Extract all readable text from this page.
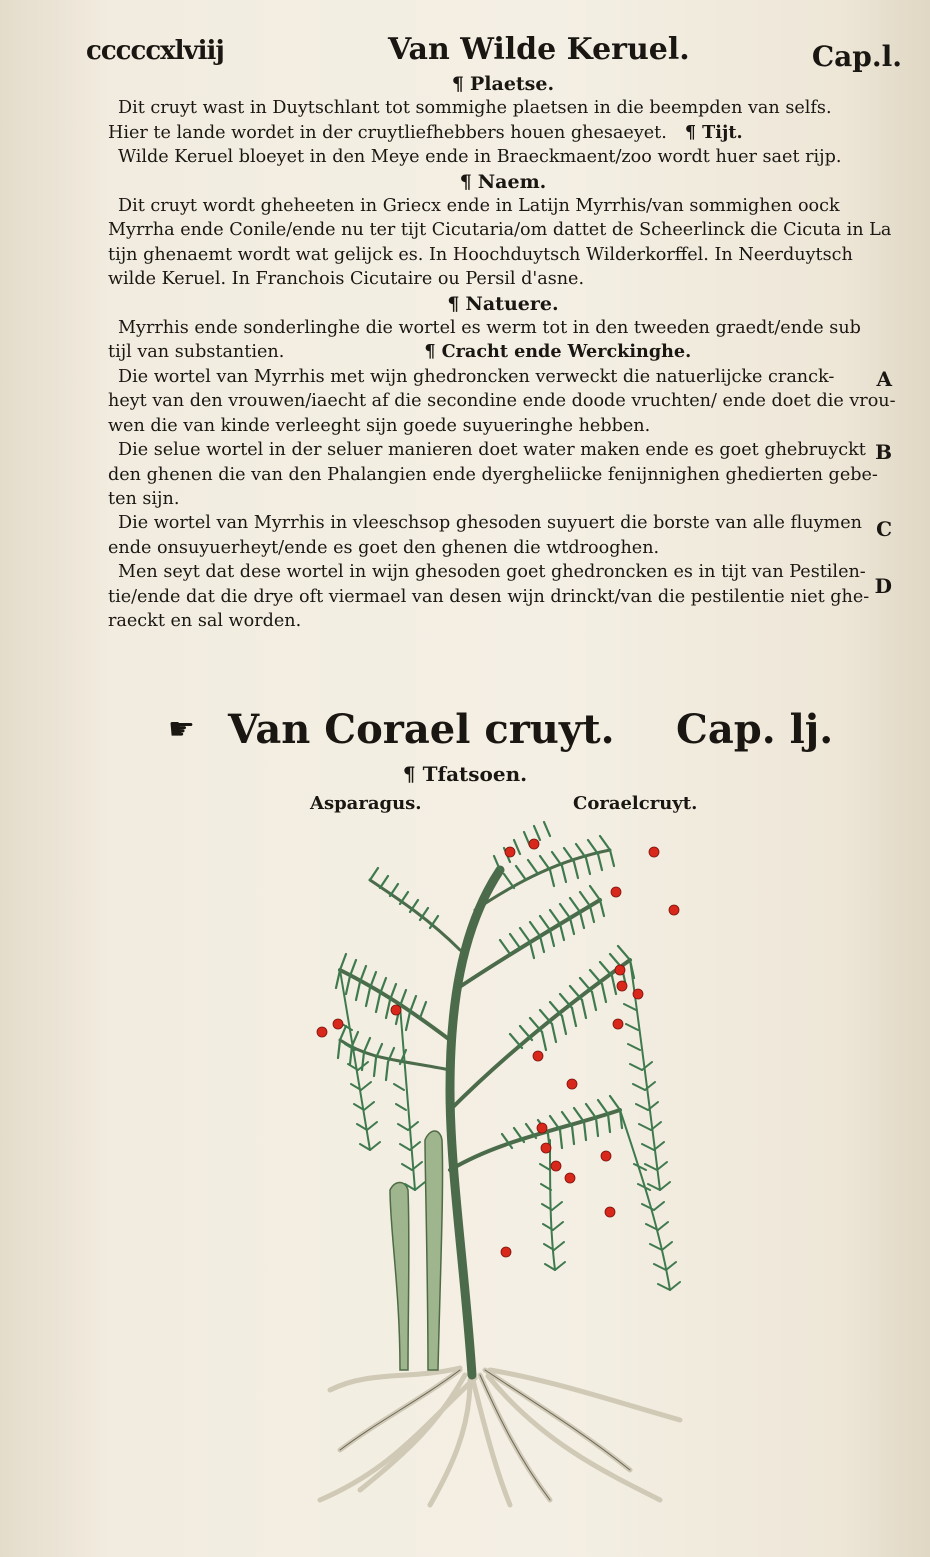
cccccxlviij	Van Wilde Keruel.	Cap.l.

¶ Plaetse.

Dit cruyt wast in Duytschlant tot sommighe plaetsen in die beempden van selfs.

Hier te lande wordet in der cruytliefhebbers houen ghesaeyet. ¶ Tijt.

Wilde Keruel bloeyet in den Meye ende in Braeckmaent/zoo wordt huer saet rijp.

¶ Naem.

Dit cruyt wordt gheheeten in Griecx ende in Latijn Myrrhis/van sommighen oock

Myrrha ende Conile/ende nu ter tijt Cicutaria/om dattet de Scheerlinck die Cicuta in La

tijn ghenaemt wordt wat gelijck es. In Hoochduytsch Wilderkorffel. In Neerduytsch

wilde Keruel. In Franchois Cicutaire ou Persil d'asne.

¶ Natuere.

Myrrhis ende sonderlinghe die wortel es werm tot in den tweeden graedt/ende sub

tijl van substantien.	¶ Cracht ende Werckinghe.

A

Die wortel van Myrrhis met wijn ghedroncken verweckt die natuerlijcke cranck-

heyt van den vrouwen/iaecht af die secondine ende doode vruchten/ ende doet die vrou-

wen die van kinde verleeght sijn goede suyueringhe hebben.

B

Die selue wortel in der seluer manieren doet water maken ende es goet ghebruyckt

den ghenen die van den Phalangien ende dyergheliicke fenijnnighen ghedierten gebe-

ten sijn.

C

Die wortel van Myrrhis in vleeschsop ghesoden suyuert die borste van alle fluymen

ende onsuyuerheyt/ende es goet den ghenen die wtdrooghen.

D

Men seyt dat dese wortel in wijn ghesoden goet ghedroncken es in tijt van Pestilen-

tie/ende dat die drye oft viermael van desen wijn drinckt/van die pestilentie niet ghe-

raeckt en sal worden.

☛ Van Corael cruyt. Cap. lj.
¶ Tfatsoen.
Asparagus.	Coraelcruyt.
